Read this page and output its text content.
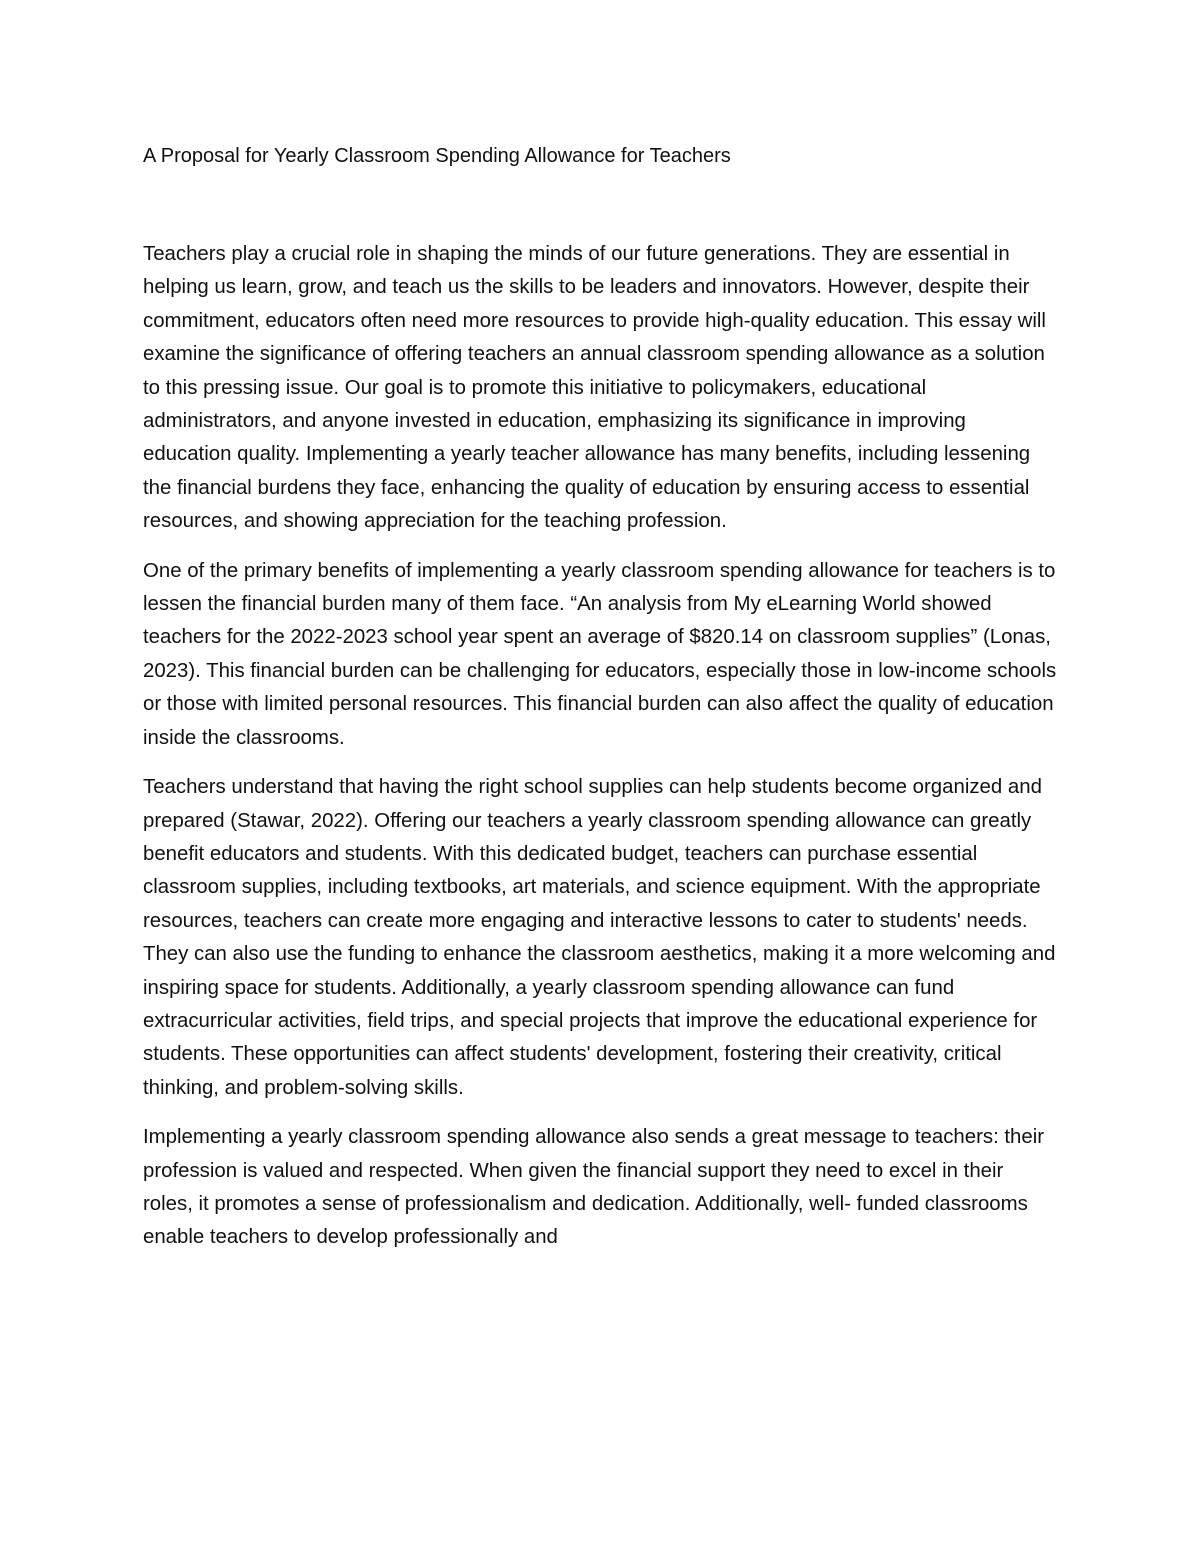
A Proposal for Yearly Classroom Spending Allowance for Teachers

Teachers play a crucial role in shaping the minds of our future generations. They are essential in helping us learn, grow, and teach us the skills to be leaders and innovators. However, despite their commitment, educators often need more resources to provide high-quality education. This essay will examine the significance of offering teachers an annual classroom spending allowance as a solution to this pressing issue. Our goal is to promote this initiative to policymakers, educational administrators, and anyone invested in education, emphasizing its significance in improving education quality. Implementing a yearly teacher allowance has many benefits, including lessening the financial burdens they face, enhancing the quality of education by ensuring access to essential resources, and showing appreciation for the teaching profession.

One of the primary benefits of implementing a yearly classroom spending allowance for teachers is to lessen the financial burden many of them face. “An analysis from My eLearning World showed teachers for the 2022-2023 school year spent an average of $820.14 on classroom supplies” (Lonas, 2023). This financial burden can be challenging for educators, especially those in low-income schools or those with limited personal resources. This financial burden can also affect the quality of education inside the classrooms.

Teachers understand that having the right school supplies can help students become organized and prepared (Stawar, 2022). Offering our teachers a yearly classroom spending allowance can greatly benefit educators and students. With this dedicated budget, teachers can purchase essential classroom supplies, including textbooks, art materials, and science equipment. With the appropriate resources, teachers can create more engaging and interactive lessons to cater to students' needs. They can also use the funding to enhance the classroom aesthetics, making it a more welcoming and inspiring space for students. Additionally, a yearly classroom spending allowance can fund extracurricular activities, field trips, and special projects that improve the educational experience for students. These opportunities can affect students' development, fostering their creativity, critical thinking, and problem-solving skills.

Implementing a yearly classroom spending allowance also sends a great message to teachers: their profession is valued and respected. When given the financial support they need to excel in their roles, it promotes a sense of professionalism and dedication. Additionally, well- funded classrooms enable teachers to develop professionally and
